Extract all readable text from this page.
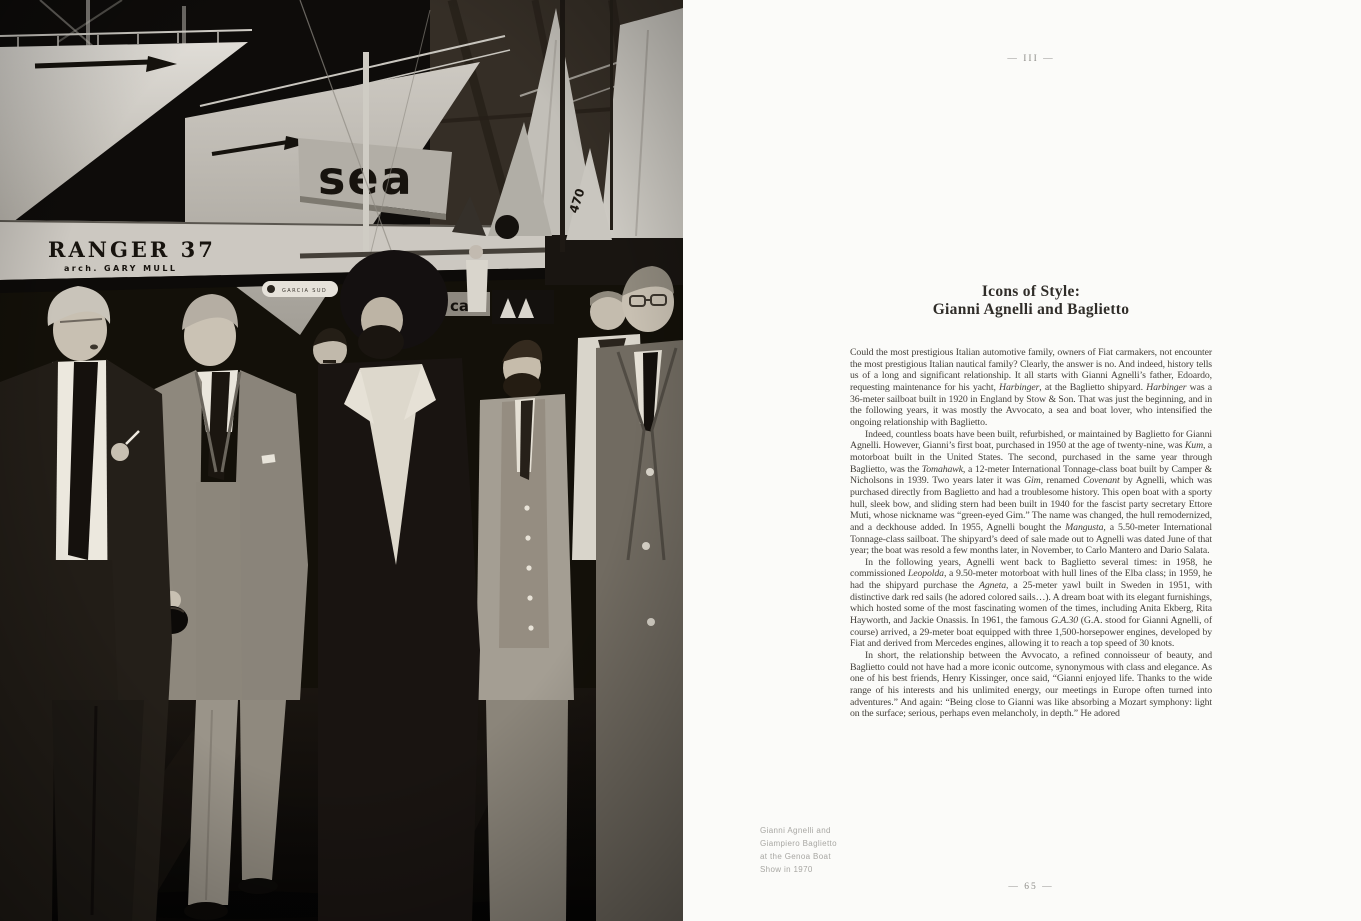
— III —
Icons of Style:
Gianni Agnelli and Baglietto

Could the most prestigious Italian automotive family, owners of Fiat carmakers, not encounter the most prestigious Italian nautical family? Clearly, the answer is no. And indeed, history tells us of a long and significant relationship. It all starts with Gianni Agnelli’s father, Edoardo, requesting maintenance for his yacht, Harbinger, at the Baglietto shipyard. Harbinger was a 36-meter sailboat built in 1920 in England by Stow & Son. That was just the beginning, and in the following years, it was mostly the Avvocato, a sea and boat lover, who intensified the ongoing relationship with Baglietto.

Indeed, countless boats have been built, refurbished, or maintained by Baglietto for Gianni Agnelli. However, Gianni’s first boat, purchased in 1950 at the age of twenty-nine, was Kum, a motorboat built in the United States. The second, purchased in the same year through Baglietto, was the Tomahawk, a 12-meter International Tonnage-class boat built by Camper & Nicholsons in 1939. Two years later it was Gim, renamed Covenant by Agnelli, which was purchased directly from Baglietto and had a troublesome history. This open boat with a sporty hull, sleek bow, and sliding stern had been built in 1940 for the fascist party secretary Ettore Muti, whose nickname was “green-eyed Gim.” The name was changed, the hull remodernized, and a deckhouse added. In 1955, Agnelli bought the Mangusta, a 5.50-meter International Tonnage-class sailboat. The shipyard’s deed of sale made out to Agnelli was dated June of that year; the boat was resold a few months later, in November, to Carlo Mantero and Dario Salata.

In the following years, Agnelli went back to Baglietto several times: in 1958, he commissioned Leopolda, a 9.50-meter motorboat with hull lines of the Elba class; in 1959, he had the shipyard purchase the Agneta, a 25-meter yawl built in Sweden in 1951, with distinctive dark red sails (he adored colored sails…). A dream boat with its elegant furnishings, which hosted some of the most fascinating women of the times, including Anita Ekberg, Rita Hayworth, and Jackie Onassis. In 1961, the famous G.A.30 (G.A. stood for Gianni Agnelli, of course) arrived, a 29-meter boat equipped with three 1,500-horsepower engines, developed by Fiat and derived from Mercedes engines, allowing it to reach a top speed of 30 knots.

In short, the relationship between the Avvocato, a refined connoisseur of beauty, and Baglietto could not have had a more iconic outcome, synonymous with class and elegance. As one of his best friends, Henry Kissinger, once said, “Gianni enjoyed life. Thanks to the wide range of his interests and his unlimited energy, our meetings in Europe often turned into adventures.” And again: “Being close to Gianni was like absorbing a Mozart symphony: light on the surface; serious, perhaps even melancholy, in depth.” He adored

Gianni Agnelli and
Giampiero Baglietto
at the Genoa Boat
Show in 1970
— 65 —
